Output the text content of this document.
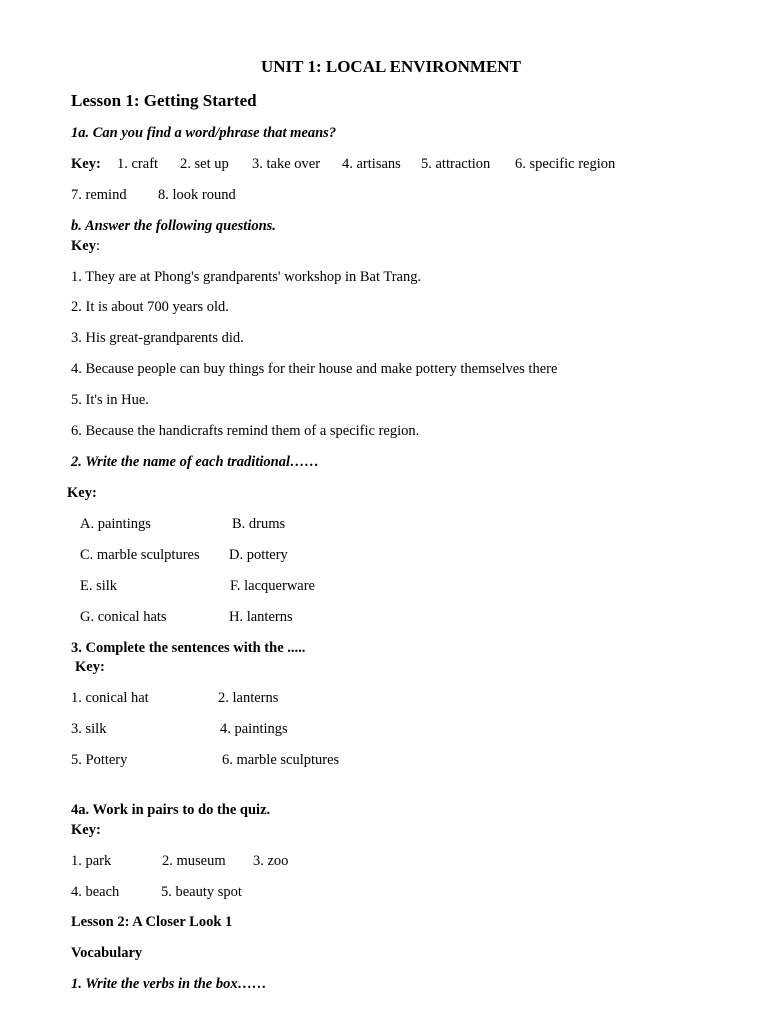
UNIT 1: LOCAL ENVIRONMENT
Lesson 1: Getting Started
1a. Can you find a word/phrase that means?
Key: 1. craft 2. set up 3. take over 4. artisans 5. attraction 6. specific region
7. remind 8. look round
b. Answer the following questions.
Key:
1. They are at Phong's grandparents' workshop in Bat Trang.
2. It is about 700 years old.
3. His great-grandparents did.
4. Because people can buy things for their house and make pottery themselves there
5. It's in Hue.
6. Because the handicrafts remind them of a specific region.
2. Write the name of each traditional……
Key:
A. paintings	B. drums
C. marble sculptures D. pottery
E. silk	F. lacquerware
G. conical hats	H. lanterns
3. Complete the sentences with the .....
Key:
1. conical hat	2. lanterns
3. silk	4. paintings
5. Pottery	6. marble sculptures
4a. Work in pairs to do the quiz.
Key:
1. park	2. museum 3. zoo
4. beach	5. beauty spot
Lesson 2: A Closer Look 1
Vocabulary
1. Write the verbs in the box……
